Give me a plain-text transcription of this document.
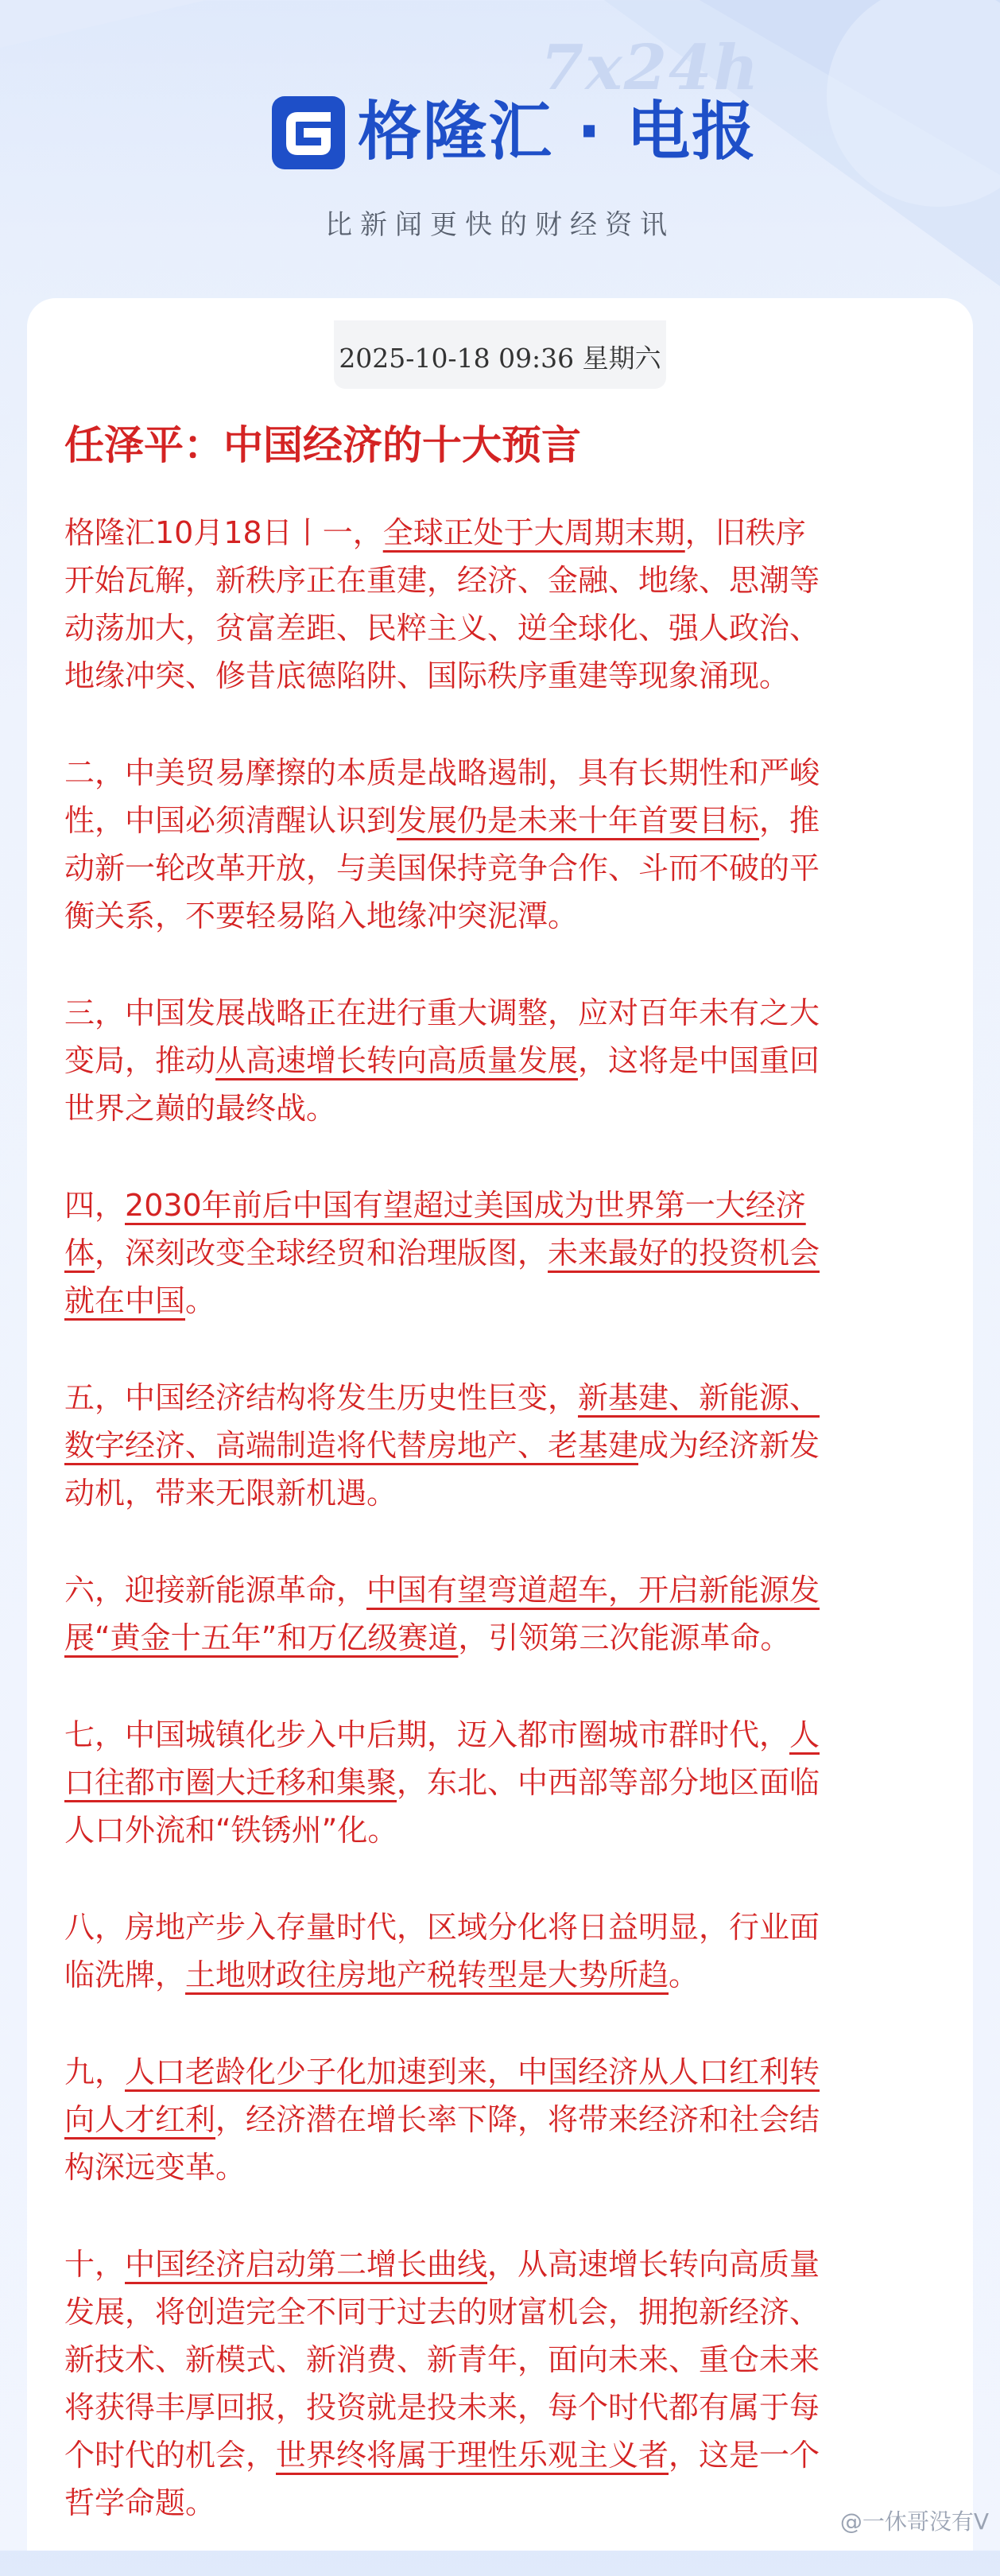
7x24h
格隆汇 · 电报
比新闻更快的财经资讯
2025-10-18 09:36 星期六
任泽平：中国经济的十大预言
格隆汇10月18日丨一，全球正处于大周期末期，旧秩序
开始瓦解，新秩序正在重建，经济、金融、地缘、思潮等
动荡加大，贫富差距、民粹主义、逆全球化、强人政治、
地缘冲突、修昔底德陷阱、国际秩序重建等现象涌现。
二，中美贸易摩擦的本质是战略遏制，具有长期性和严峻
性，中国必须清醒认识到发展仍是未来十年首要目标，推
动新一轮改革开放，与美国保持竞争合作、斗而不破的平
衡关系，不要轻易陷入地缘冲突泥潭。
三，中国发展战略正在进行重大调整，应对百年未有之大
变局，推动从高速增长转向高质量发展，这将是中国重回
世界之巅的最终战。
四，2030年前后中国有望超过美国成为世界第一大经济
体，深刻改变全球经贸和治理版图，未来最好的投资机会
就在中国。
五，中国经济结构将发生历史性巨变，新基建、新能源、
数字经济、高端制造将代替房地产、老基建成为经济新发
动机，带来无限新机遇。
六，迎接新能源革命，中国有望弯道超车，开启新能源发
展“黄金十五年”和万亿级赛道，引领第三次能源革命。
七，中国城镇化步入中后期，迈入都市圈城市群时代，人
口往都市圈大迁移和集聚，东北、中西部等部分地区面临
人口外流和“铁锈州”化。
八，房地产步入存量时代，区域分化将日益明显，行业面
临洗牌，土地财政往房地产税转型是大势所趋。
九，人口老龄化少子化加速到来，中国经济从人口红利转
向人才红利，经济潜在增长率下降，将带来经济和社会结
构深远变革。
十，中国经济启动第二增长曲线，从高速增长转向高质量
发展，将创造完全不同于过去的财富机会，拥抱新经济、
新技术、新模式、新消费、新青年，面向未来、重仓未来
将获得丰厚回报，投资就是投未来，每个时代都有属于每
个时代的机会，世界终将属于理性乐观主义者，这是一个
哲学命题。
@一休哥没有V
